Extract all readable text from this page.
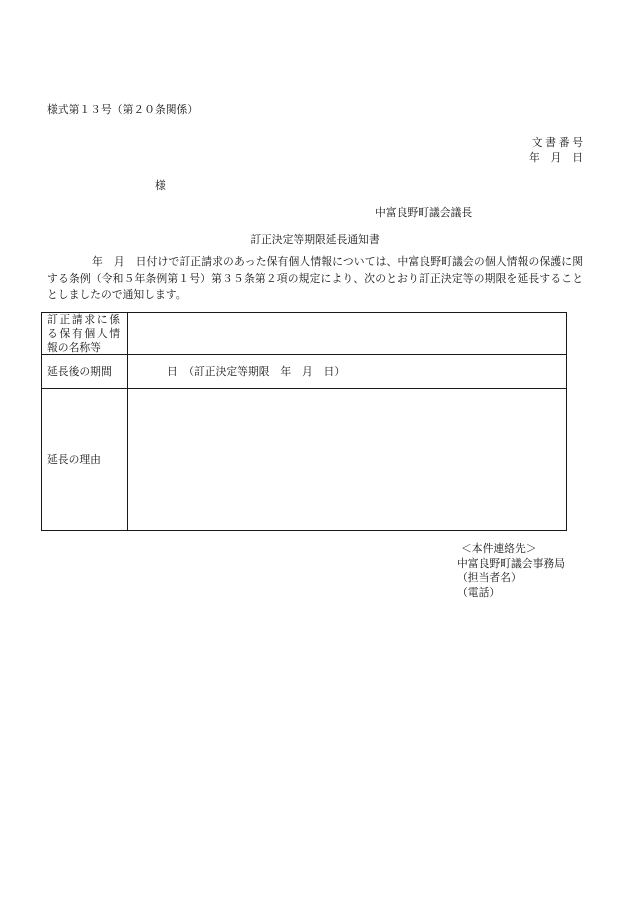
様式第１３号（第２０条関係）
文 書 番 号
年　月　日
様
中富良野町議会議長
訂正決定等期限延長通知書
年　月　日付けで訂正請求のあった保有個人情報については、中富良野町議会の個人情報の保護に関
する条例（令和５年条例第１号）第３５条第２項の規定により、次のとおり訂正決定等の期限を延長すること
としましたので通知します。
訂正請求に係る保有個人情報の名称等
延長後の期間	日　（訂正決定等期限　年　月　日）
延長の理由
＜本件連絡先＞
中富良野町議会事務局
（担当者名）
（電話）
